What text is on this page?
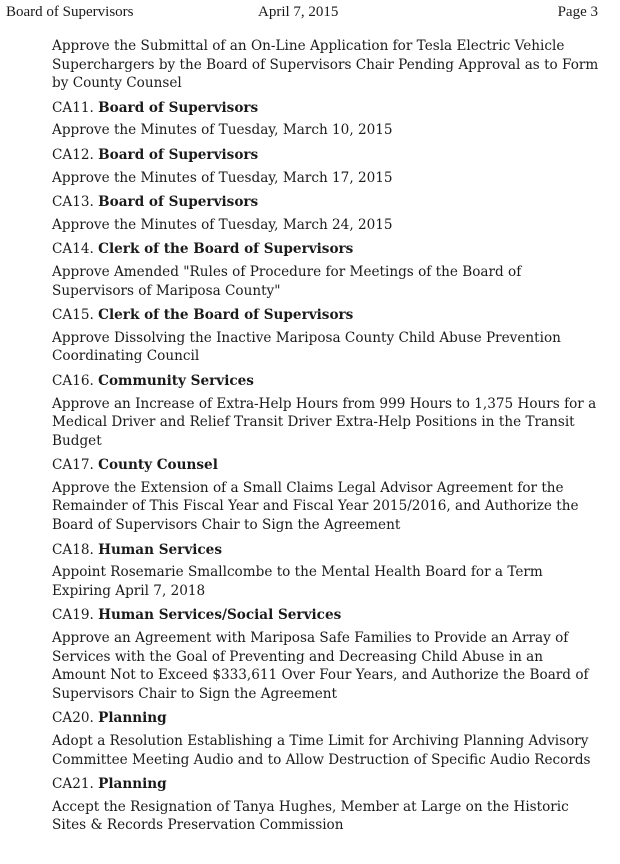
Board of Supervisors	April 7, 2015	Page 3

Approve the Submittal of an On-Line Application for Tesla Electric Vehicle Superchargers by the Board of Supervisors Chair Pending Approval as to Form by County Counsel

CA11. Board of Supervisors

Approve the Minutes of Tuesday, March 10, 2015

CA12. Board of Supervisors

Approve the Minutes of Tuesday, March 17, 2015

CA13. Board of Supervisors

Approve the Minutes of Tuesday, March 24, 2015

CA14. Clerk of the Board of Supervisors

Approve Amended "Rules of Procedure for Meetings of the Board of Supervisors of Mariposa County"

CA15. Clerk of the Board of Supervisors

Approve Dissolving the Inactive Mariposa County Child Abuse Prevention Coordinating Council

CA16. Community Services

Approve an Increase of Extra-Help Hours from 999 Hours to 1,375 Hours for a Medical Driver and Relief Transit Driver Extra-Help Positions in the Transit Budget

CA17. County Counsel

Approve the Extension of a Small Claims Legal Advisor Agreement for the Remainder of This Fiscal Year and Fiscal Year 2015/2016, and Authorize the Board of Supervisors Chair to Sign the Agreement

CA18. Human Services

Appoint Rosemarie Smallcombe to the Mental Health Board for a Term Expiring April 7, 2018

CA19. Human Services/Social Services

Approve an Agreement with Mariposa Safe Families to Provide an Array of Services with the Goal of Preventing and Decreasing Child Abuse in an Amount Not to Exceed $333,611 Over Four Years, and Authorize the Board of Supervisors Chair to Sign the Agreement

CA20. Planning

Adopt a Resolution Establishing a Time Limit for Archiving Planning Advisory Committee Meeting Audio and to Allow Destruction of Specific Audio Records

CA21. Planning

Accept the Resignation of Tanya Hughes, Member at Large on the Historic Sites & Records Preservation Commission
